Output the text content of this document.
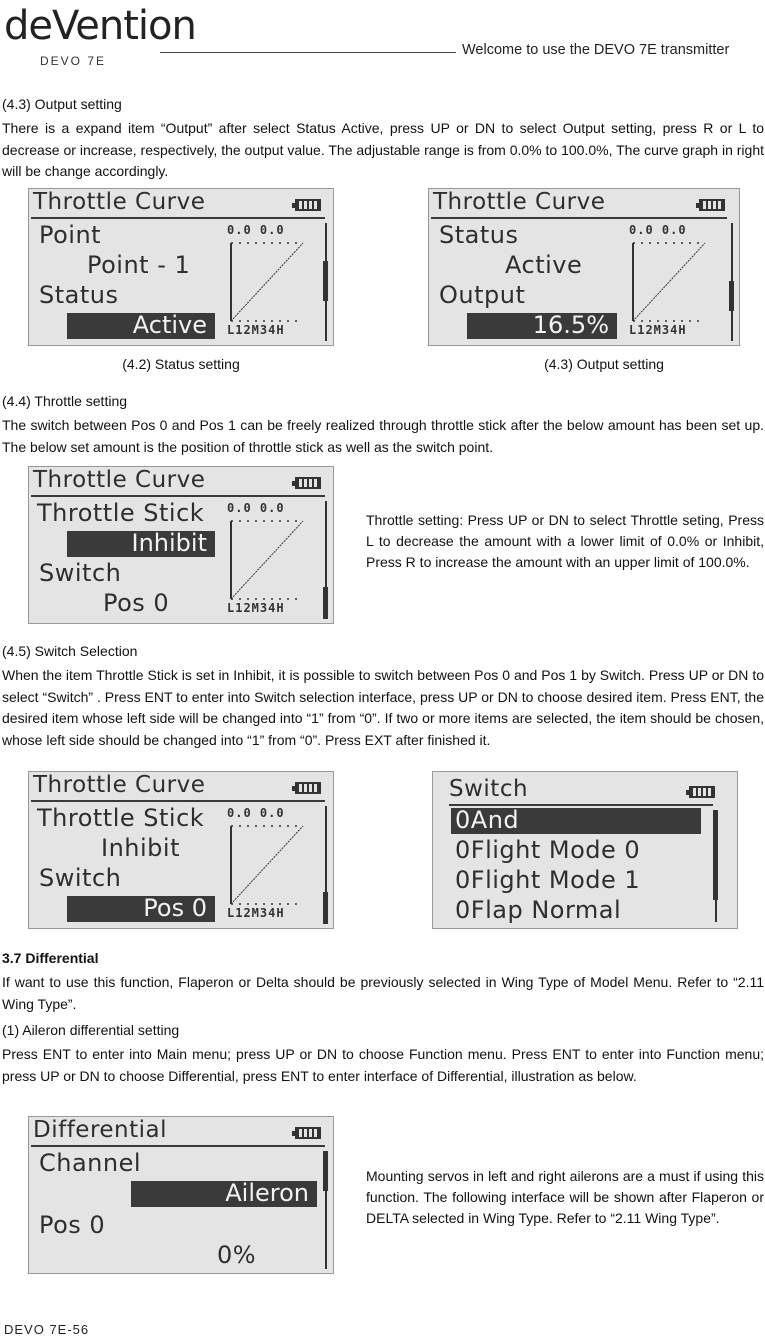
deVention
DEVO 7E
Welcome to use the DEVO 7E transmitter
(4.3) Output setting
There is a expand item “Output” after select Status Active, press UP or DN to select Output setting, press R or L to decrease or increase, respectively, the output value. The adjustable range is from 0.0% to 100.0%, The curve graph in right will be change accordingly.
Throttle Curve
Point
Point - 1
Status
Active
0.0 0.0
L12M34H
(4.2) Status setting
Throttle Curve
Status
Active
Output
16.5%
0.0 0.0
L12M34H
(4.3) Output setting
(4.4) Throttle setting
The switch between Pos 0 and Pos 1 can be freely realized through throttle stick after the below amount has been set up. The below set amount is the position of throttle stick as well as the switch point.
Throttle Curve
Throttle Stick
Inhibit
Switch
Pos 0
0.0 0.0
L12M34H
Throttle setting: Press UP or DN to select Throttle seting, Press L to decrease the amount with a lower limit of 0.0% or Inhibit, Press R to increase the amount with an upper limit of 100.0%.
(4.5) Switch Selection
When the item Throttle Stick is set in Inhibit, it is possible to switch between Pos 0 and Pos 1 by Switch. Press UP or DN to select “Switch” . Press ENT to enter into Switch selection interface, press UP or DN to choose desired item. Press ENT, the desired item whose left side will be changed into “1” from “0”. If two or more items are selected, the item should be chosen, whose left side should be changed into “1” from “0”. Press EXT after finished it.
Throttle Curve
Throttle Stick
Inhibit
Switch
Pos 0
0.0 0.0
L12M34H
Switch
0And
0Flight Mode 0
0Flight Mode 1
0Flap Normal
3.7 Differential
If want to use this function, Flaperon or Delta should be previously selected in Wing Type of Model Menu. Refer to “2.11 Wing Type”.
(1) Aileron differential setting
Press ENT to enter into Main menu; press UP or DN to choose Function menu. Press ENT to enter into Function menu; press UP or DN to choose Differential, press ENT to enter interface of Differential, illustration as below.
Differential
Channel
Aileron
Pos 0
0%
Mounting servos in left and right ailerons are a must if using this function. The following interface will be shown after Flaperon or DELTA selected in Wing Type. Refer to “2.11 Wing Type”.
DEVO 7E-56
